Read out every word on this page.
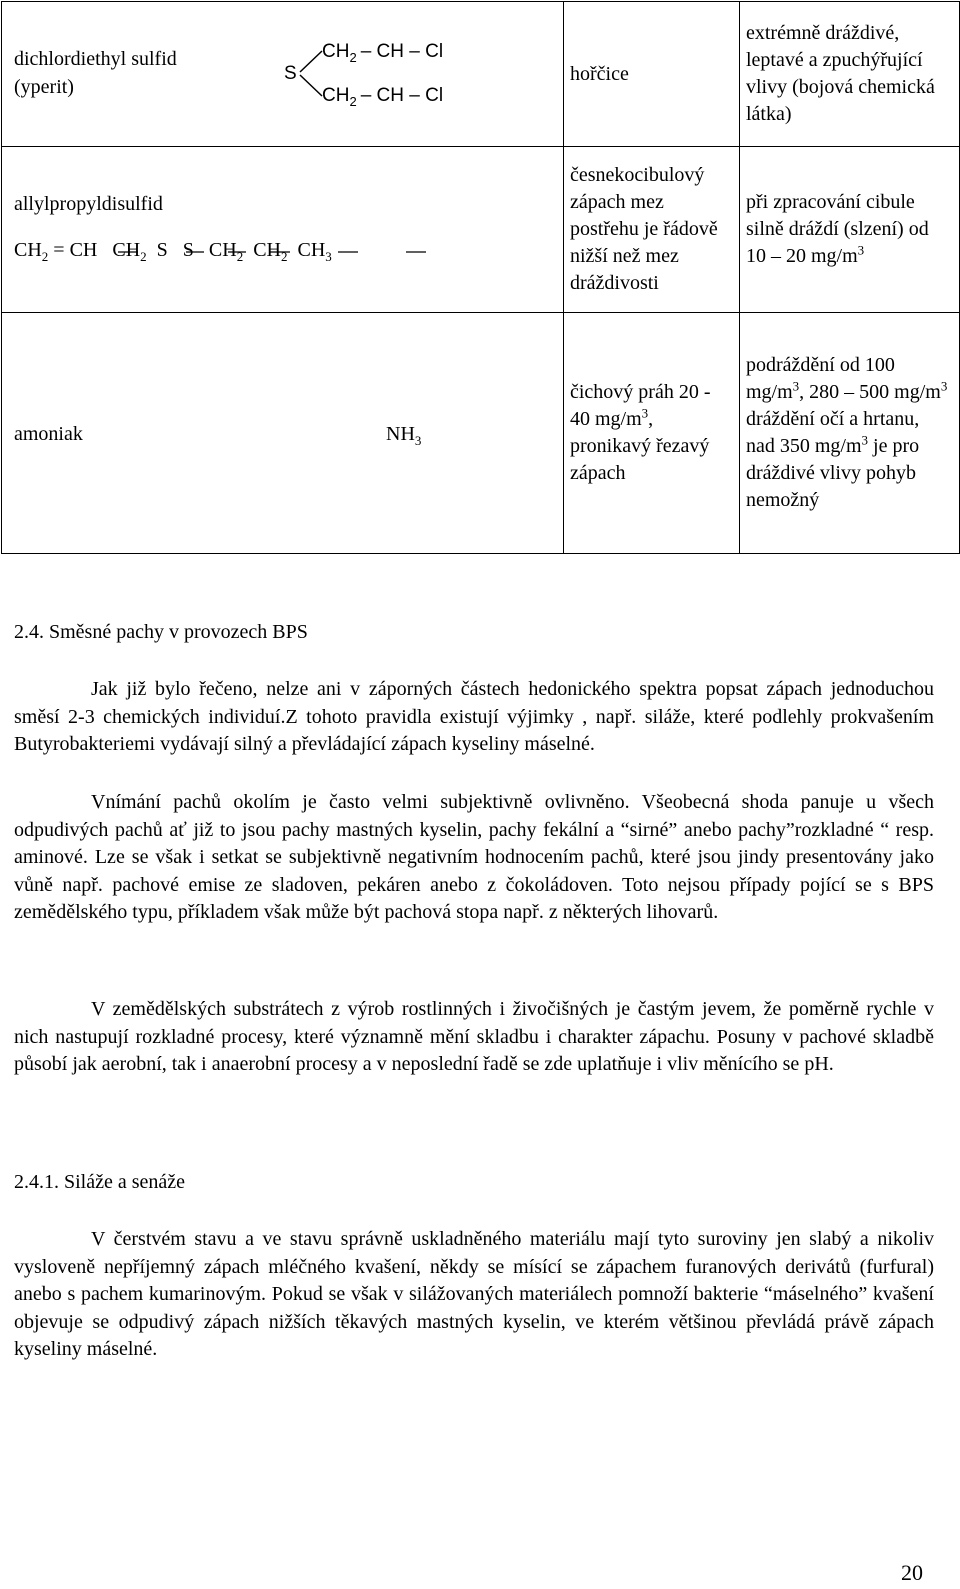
dichlordiethyl sulfid
(yperit)
S
$CH_2$ – CH – Cl
$CH_2$ – CH – Cl	hořčice	extrémně dráždivé, leptavé a zpuchýřující vlivy (bojová chemická látka)

allylpropyldisulfid
$CH_2$ = CH   $CH_2$  S   S   $CH_2$  $CH_2$  $CH_3$	česnekocibulový zápach mez postřehu je řádově nižší než mez dráždivosti	při zpracování cibule silně dráždí (slzení) od 10 – 20 $mg/m^3$

amoniak $NH_3$	čichový práh 20 - 40 $mg/m^3$, pronikavý řezavý zápach	podráždění od 100 $mg/m^3$, 280 – 500 $mg/m^3$ dráždění očí a hrtanu, nad 350 $mg/m^3$ je pro dráždivé vlivy pohyb nemožný
2.4. Směsné pachy v provozech BPS

Jak již bylo řečeno, nelze ani v záporných částech hedonického spektra popsat zápach jednoduchou směsí 2-3 chemických individuí.Z tohoto pravidla existují výjimky , např. siláže, které podlehly prokvašením Butyrobakteriemi vydávají silný a převládající zápach kyseliny máselné.

Vnímání pachů okolím je často velmi subjektivně ovlivněno. Všeobecná shoda panuje u všech odpudivých pachů ať již to jsou pachy mastných kyselin, pachy fekální a “sirné” anebo pachy”rozkladné “ resp. aminové. Lze se však i setkat se subjektivně negativním hodnocením pachů, které jsou jindy presentovány jako vůně např. pachové emise ze sladoven, pekáren anebo z čokoládoven. Toto nejsou případy pojící se s BPS zemědělského typu, příkladem však může být pachová stopa např. z některých lihovarů.

V zemědělských substrátech z výrob rostlinných i živočišných je častým jevem, že poměrně rychle v nich nastupují rozkladné procesy, které významně mění skladbu i charakter zápachu. Posuny v pachové skladbě působí jak aerobní, tak i anaerobní procesy a v neposlední řadě se zde uplatňuje i vliv měnícího se pH.

2.4.1. Siláže a senáže

V čerstvém stavu a ve stavu správně uskladněného materiálu mají tyto suroviny jen slabý a nikoliv vysloveně nepříjemný zápach mléčného kvašení, někdy se mísící se zápachem furanových derivátů (furfural) anebo s pachem kumarinovým. Pokud se však v silážovaných materiálech pomnoží bakterie “máselného” kvašení objevuje se odpudivý zápach nižších těkavých mastných kyselin, ve kterém většinou převládá právě zápach kyseliny máselné.

20
